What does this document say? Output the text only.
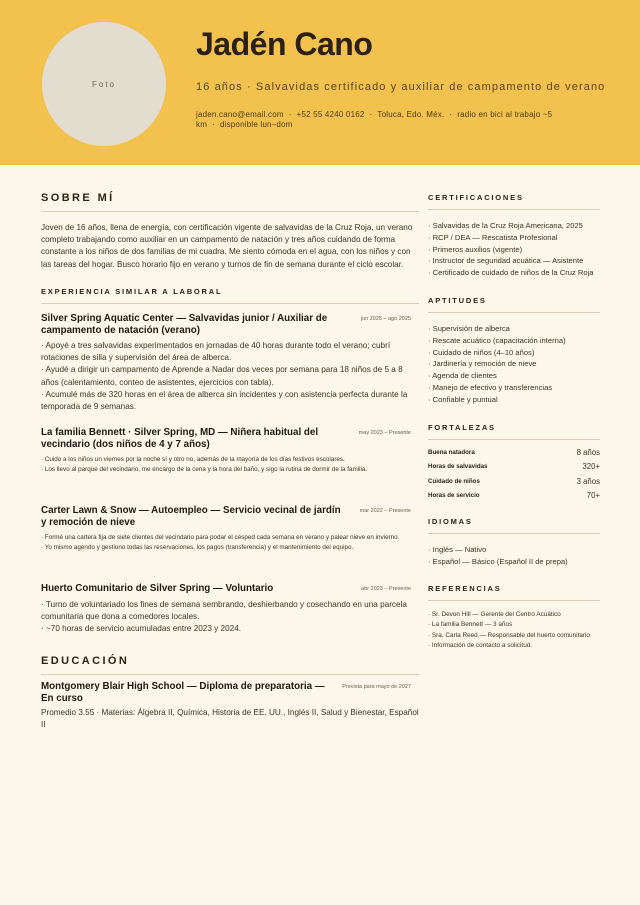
Foto
Jadén Cano
16 años · Salvavidas certificado y auxiliar de campamento de verano
jaden.cano@email.com · +52 55 4240 0162 · Toluca, Edo. Méx. · radio en bici al trabajo ~5 km · disponible lun–dom
SOBRE MÍ
Joven de 16 años, llena de energía, con certificación vigente de salvavidas de la Cruz Roja, un verano completo trabajando como auxiliar en un campamento de natación y tres años cuidando de forma constante a los niños de dos familias de mi cuadra. Me siento cómoda en el agua, con los niños y con las tareas del hogar. Busco horario fijo en verano y turnos de fin de semana durante el ciclo escolar.
EXPERIENCIA SIMILAR A LABORAL
Silver Spring Aquatic Center — Salvavidas junior / Auxiliar de campamento de natación (verano)
jun 2025 – ago 2025
· Apoyé a tres salvavidas experimentados en jornadas de 40 horas durante todo el verano; cubrí rotaciones de silla y supervisión del área de alberca.
· Ayudé a dirigir un campamento de Aprende a Nadar dos veces por semana para 18 niños de 5 a 8 años (calentamiento, conteo de asistentes, ejercicios con tabla).
· Acumulé más de 320 horas en el área de alberca sin incidentes y con asistencia perfecta durante la temporada de 9 semanas.
La familia Bennett · Silver Spring, MD — Niñera habitual del vecindario (dos niños de 4 y 7 años)
may 2023 – Presente
· Cuido a los niños un viernes por la noche sí y otro no, además de la mayoría de los días festivos escolares.
· Los llevo al parque del vecindario, me encargo de la cena y la hora del baño, y sigo la rutina de dormir de la familia.
Carter Lawn & Snow — Autoempleo — Servicio vecinal de jardín y remoción de nieve
mar 2022 – Presente
· Formé una cartera fija de siete clientes del vecindario para podar el césped cada semana en verano y palear nieve en invierno.
· Yo mismo agendo y gestiono todas las reservaciones, los pagos (transferencia) y el mantenimiento del equipo.
Huerto Comunitario de Silver Spring — Voluntario	abr 2023 – Presente
· Turno de voluntariado los fines de semana sembrando, deshierbando y cosechando en una parcela comunitaria que dona a comedores locales.
· ~70 horas de servicio acumuladas entre 2023 y 2024.
EDUCACIÓN
Montgomery Blair High School — Diploma de preparatoria — En curso
Prevista para mayo de 2027
Promedio 3.55 · Materias: Álgebra II, Química, Historia de EE. UU., Inglés II, Salud y Bienestar, Español II
CERTIFICACIONES
· Salvavidas de la Cruz Roja Americana, 2025
· RCP / DEA — Rescatista Profesional
· Primeros auxilios (vigente)
· Instructor de seguridad acuática — Asistente
· Certificado de cuidado de niños de la Cruz Roja
APTITUDES
· Supervisión de alberca
· Rescate acuático (capacitación interna)
· Cuidado de niños (4–10 años)
· Jardinería y remoción de nieve
· Agenda de clientes
· Manejo de efectivo y transferencias
· Confiable y puntual
FORTALEZAS
Buena natadora	8 años
Horas de salvavidas	320+
Cuidado de niños	3 años
Horas de servicio	70+
IDIOMAS
· Inglés — Nativo
· Español — Básico (Español II de prepa)
REFERENCIAS
· Sr. Devon Hill — Gerente del Centro Acuático
· La familia Bennett — 3 años
· Sra. Carla Reed — Responsable del huerto comunitario
· Información de contacto a solicitud.
